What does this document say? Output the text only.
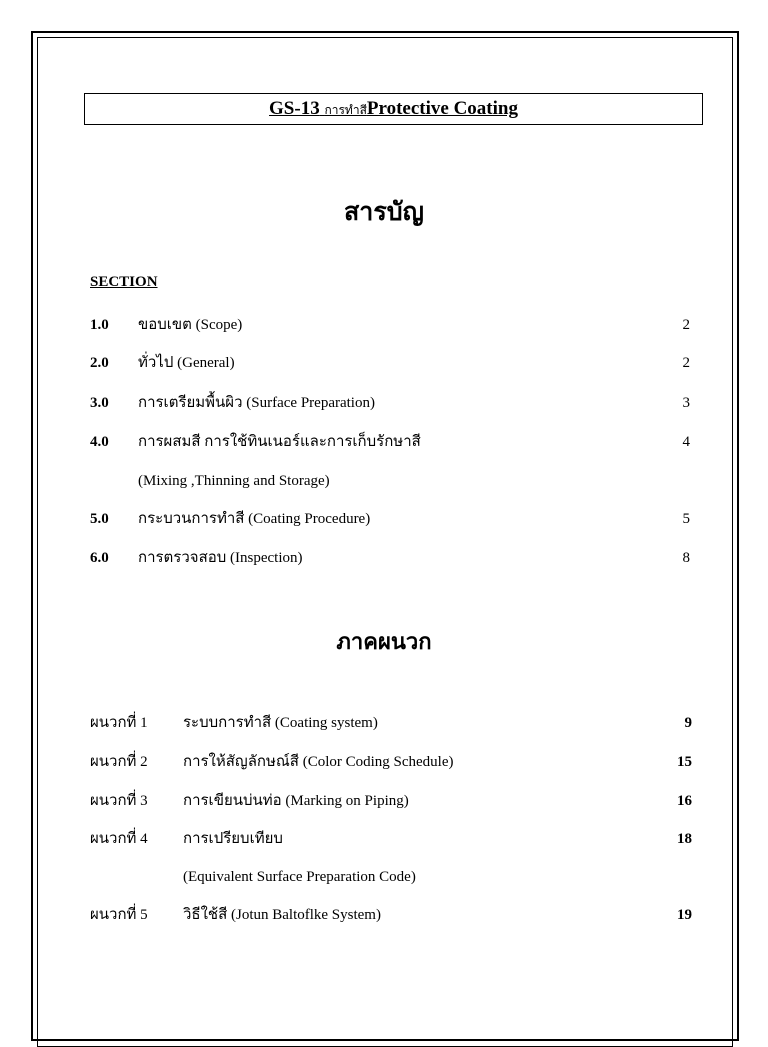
GS-13 การทำสีProtective Coating
สารบัญ
SECTION
1.0 ขอบเขต (Scope)	2
2.0 ทั่วไป (General)	2
3.0 การเตรียมพื้นผิว (Surface Preparation)	3
4.0 การผสมสี การใช้ทินเนอร์และการเก็บรักษาสี	4
(Mixing ,Thinning and Storage)
5.0 กระบวนการทำสี (Coating Procedure)	5
6.0 การตรวจสอบ (Inspection)	8
ภาคผนวก
ผนวกที่ 1 ระบบการทำสี (Coating system)	9
ผนวกที่ 2 การให้สัญลักษณ์สี (Color Coding Schedule)	15
ผนวกที่ 3 การเขียนบ่นท่อ (Marking on Piping)	16
ผนวกที่ 4 การเปรียบเทียบ	18
(Equivalent Surface Preparation Code)
ผนวกที่ 5 วิธีใช้สี (Jotun Baltoflke System)	19
